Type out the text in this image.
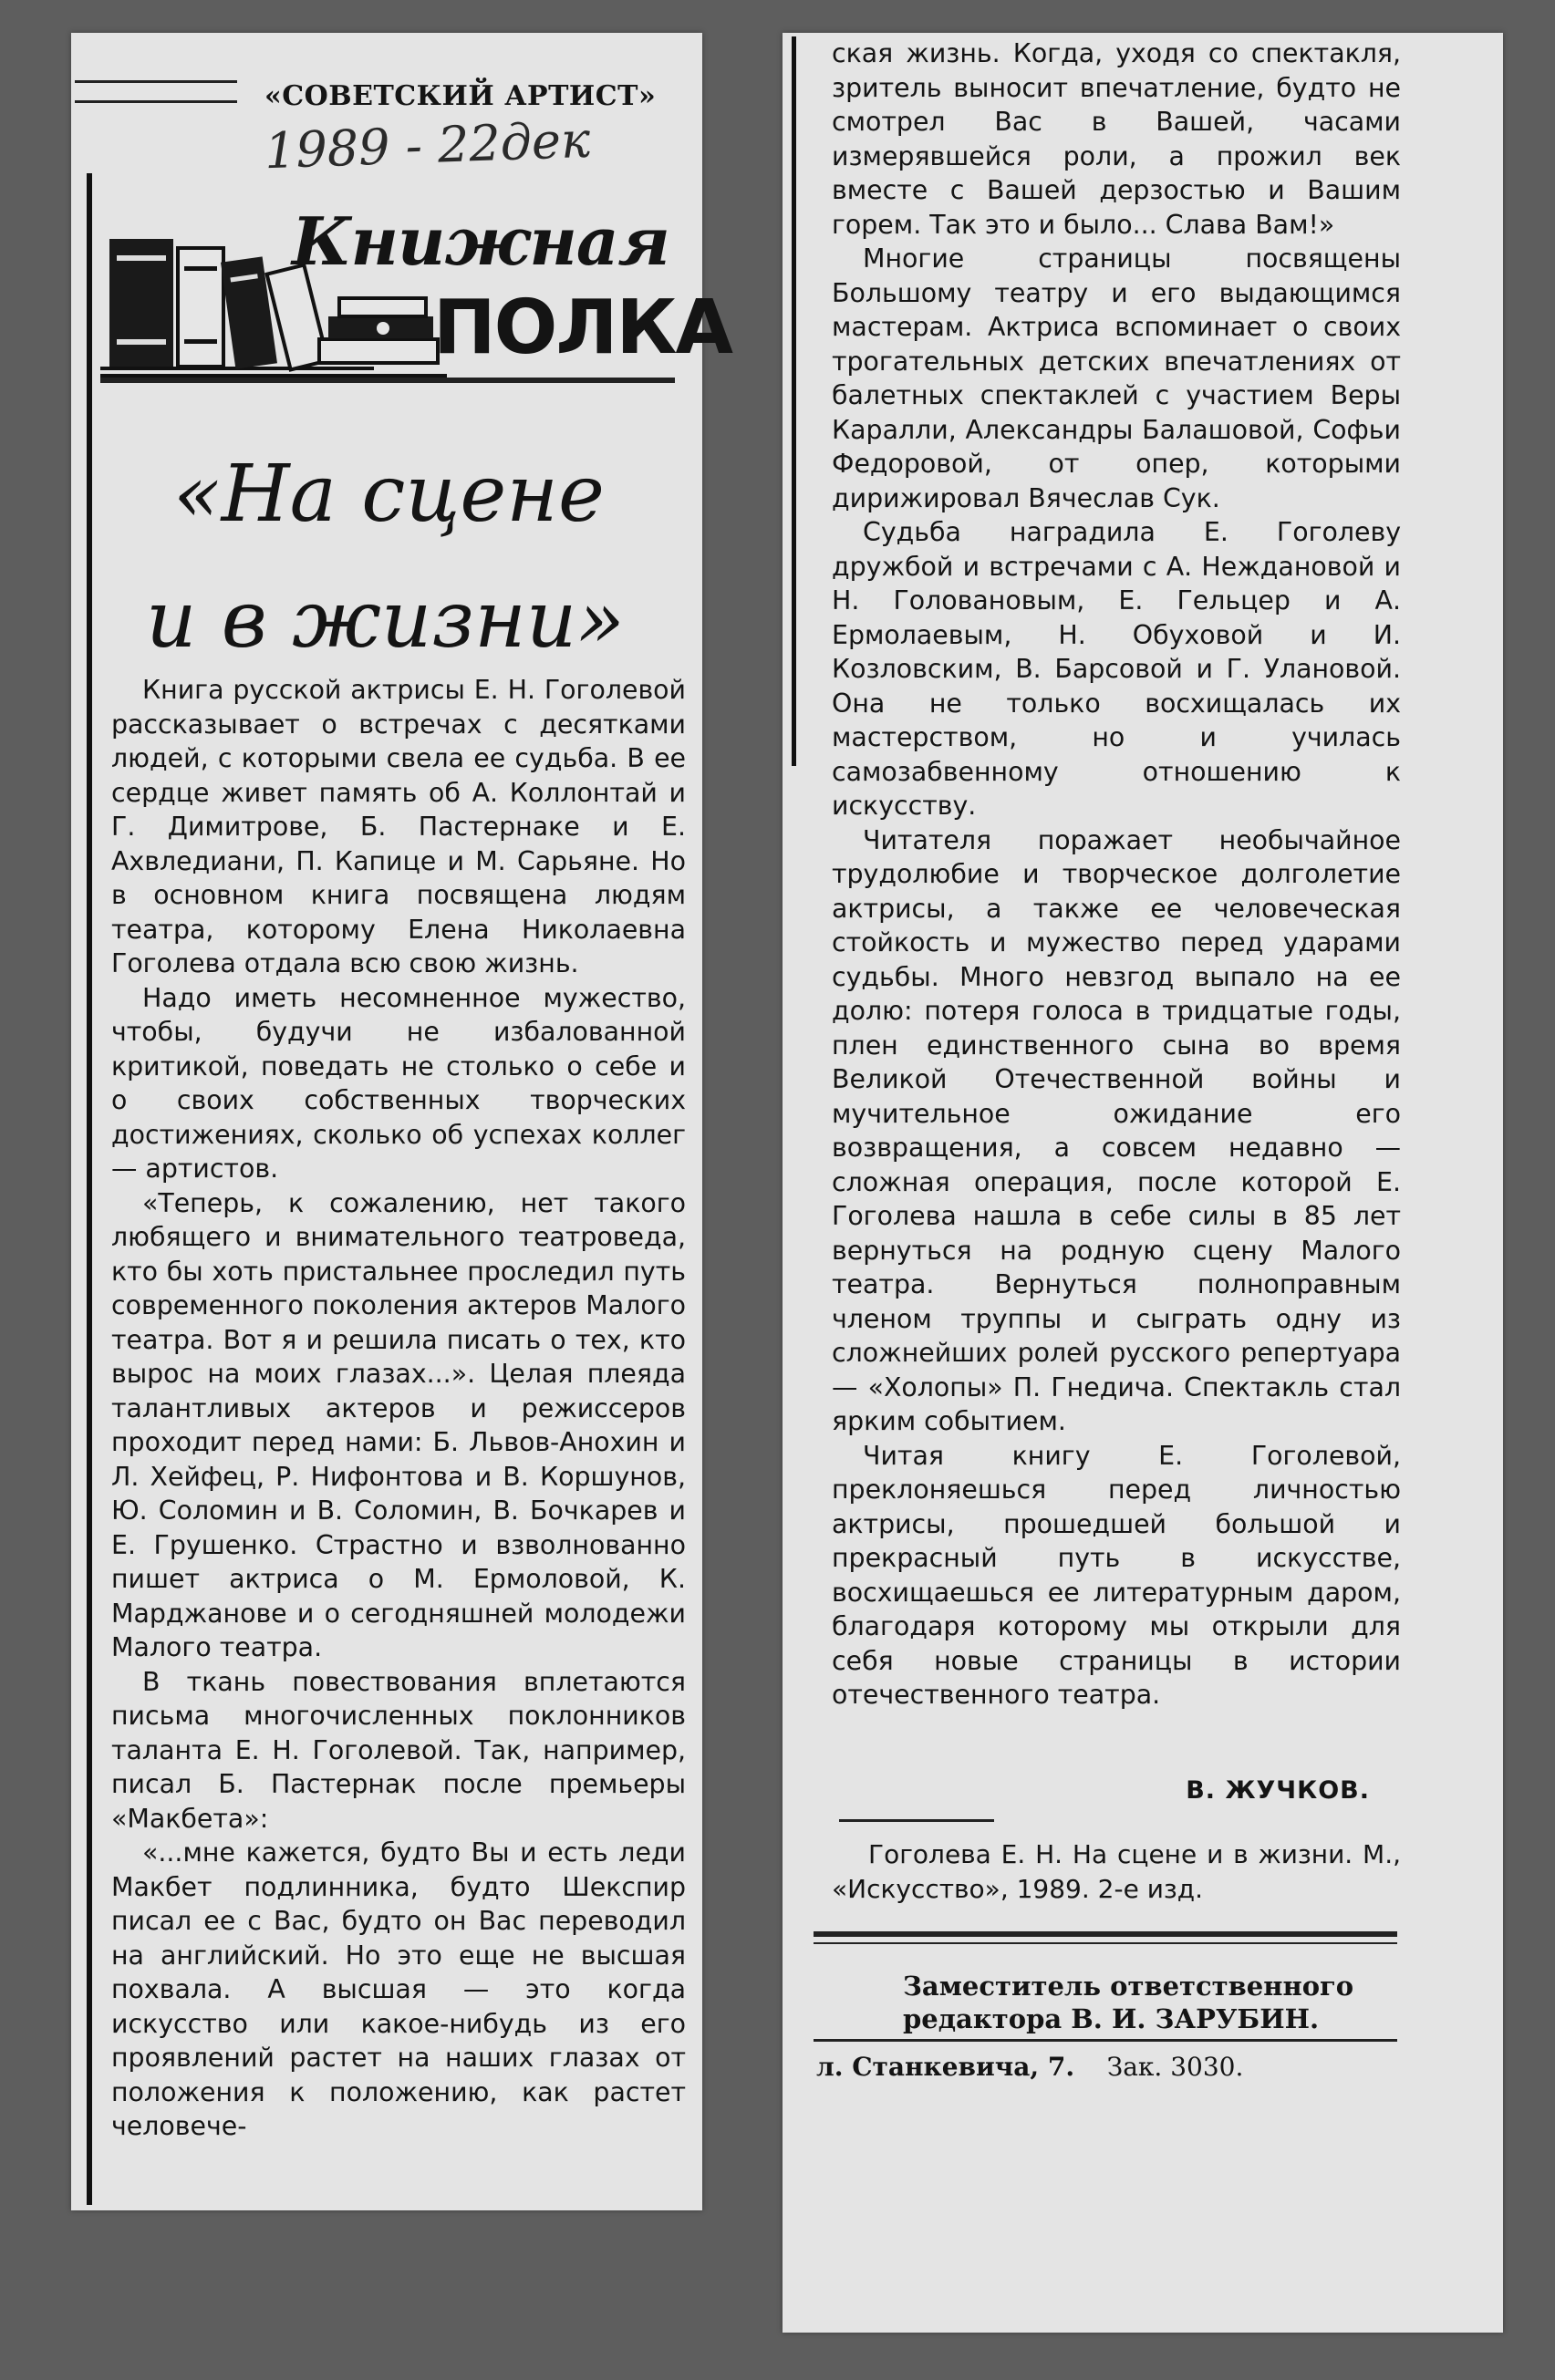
«СОВЕТСКИЙ АРТИСТ»
1989 - 22дек
Книжная
ПОЛКА
«На сцене
и в жизни»

Книга русской актрисы Е. Н. Гоголевой рассказывает о встречах с десятками людей, с которыми свела ее судьба. В ее сердце живет память об А. Коллонтай и Г. Димитрове, Б. Пастернаке и Е. Ахвледиани, П. Капице и М. Сарьяне. Но в основном книга посвящена людям театра, которому Елена Николаевна Гоголева отдала всю свою жизнь.

Надо иметь несомненное мужество, чтобы, будучи не избалованной критикой, поведать не столько о себе и о своих собственных творческих достижениях, сколько об успехах коллег — артистов.

«Теперь, к сожалению, нет такого любящего и внимательного театроведа, кто бы хоть пристальнее проследил путь современного поколения актеров Малого театра. Вот я и решила писать о тех, кто вырос на моих глазах...». Целая плеяда талантливых актеров и режиссеров проходит перед нами: Б. Львов-Анохин и Л. Хейфец, Р. Нифонтова и В. Коршунов, Ю. Соломин и В. Соломин, В. Бочкарев и Е. Грушенко. Страстно и взволнованно пишет актриса о М. Ермоловой, К. Марджанове и о сегодняшней молодежи Малого театра.

В ткань повествования вплетаются письма многочисленных поклонников таланта Е. Н. Гоголевой. Так, например, писал Б. Пастернак после премьеры «Макбета»:

«...мне кажется, будто Вы и есть леди Макбет подлинника, будто Шекспир писал ее с Вас, будто он Вас переводил на английский. Но это еще не высшая похвала. А высшая — это когда искусство или какое-нибудь из его проявлений растет на наших глазах от положения к положению, как растет человече-

ская жизнь. Когда, уходя со спектакля, зритель выносит впечатление, будто не смотрел Вас в Вашей, часами измерявшейся роли, а прожил век вместе с Вашей дерзостью и Вашим горем. Так это и было... Слава Вам!»

Многие страницы посвящены Большому театру и его выдающимся мастерам. Актриса вспоминает о своих трогательных детских впечатлениях от балетных спектаклей с участием Веры Каралли, Александры Балашовой, Софьи Федоровой, от опер, которыми дирижировал Вячеслав Сук.

Судьба наградила Е. Гоголеву дружбой и встречами с А. Неждановой и Н. Головановым, Е. Гельцер и А. Ермолаевым, Н. Обуховой и И. Козловским, В. Барсовой и Г. Улановой. Она не только восхищалась их мастерством, но и училась самозабвенному отношению к искусству.

Читателя поражает необычайное трудолюбие и творческое долголетие актрисы, а также ее человеческая стойкость и мужество перед ударами судьбы. Много невзгод выпало на ее долю: потеря голоса в тридцатые годы, плен единственного сына во время Великой Отечественной войны и мучительное ожидание его возвращения, а совсем недавно — сложная операция, после которой Е. Гоголева нашла в себе силы в 85 лет вернуться на родную сцену Малого театра. Вернуться полноправным членом труппы и сыграть одну из сложнейших ролей русского репертуара — «Холопы» П. Гнедича. Спектакль стал ярким событием.

Читая книгу Е. Гоголевой, преклоняешься перед личностью актрисы, прошедшей большой и прекрасный путь в искусстве, восхищаешься ее литературным даром, благодаря которому мы открыли для себя новые страницы в истории отечественного театра.

В. ЖУЧКОВ.

Гоголева Е. Н. На сцене и в жизни. М., «Искусство», 1989. 2-е изд.

Заместитель ответственного
редактора В. И. ЗАРУБИН.
л. Станкевича, 7. Зак. 3030.
